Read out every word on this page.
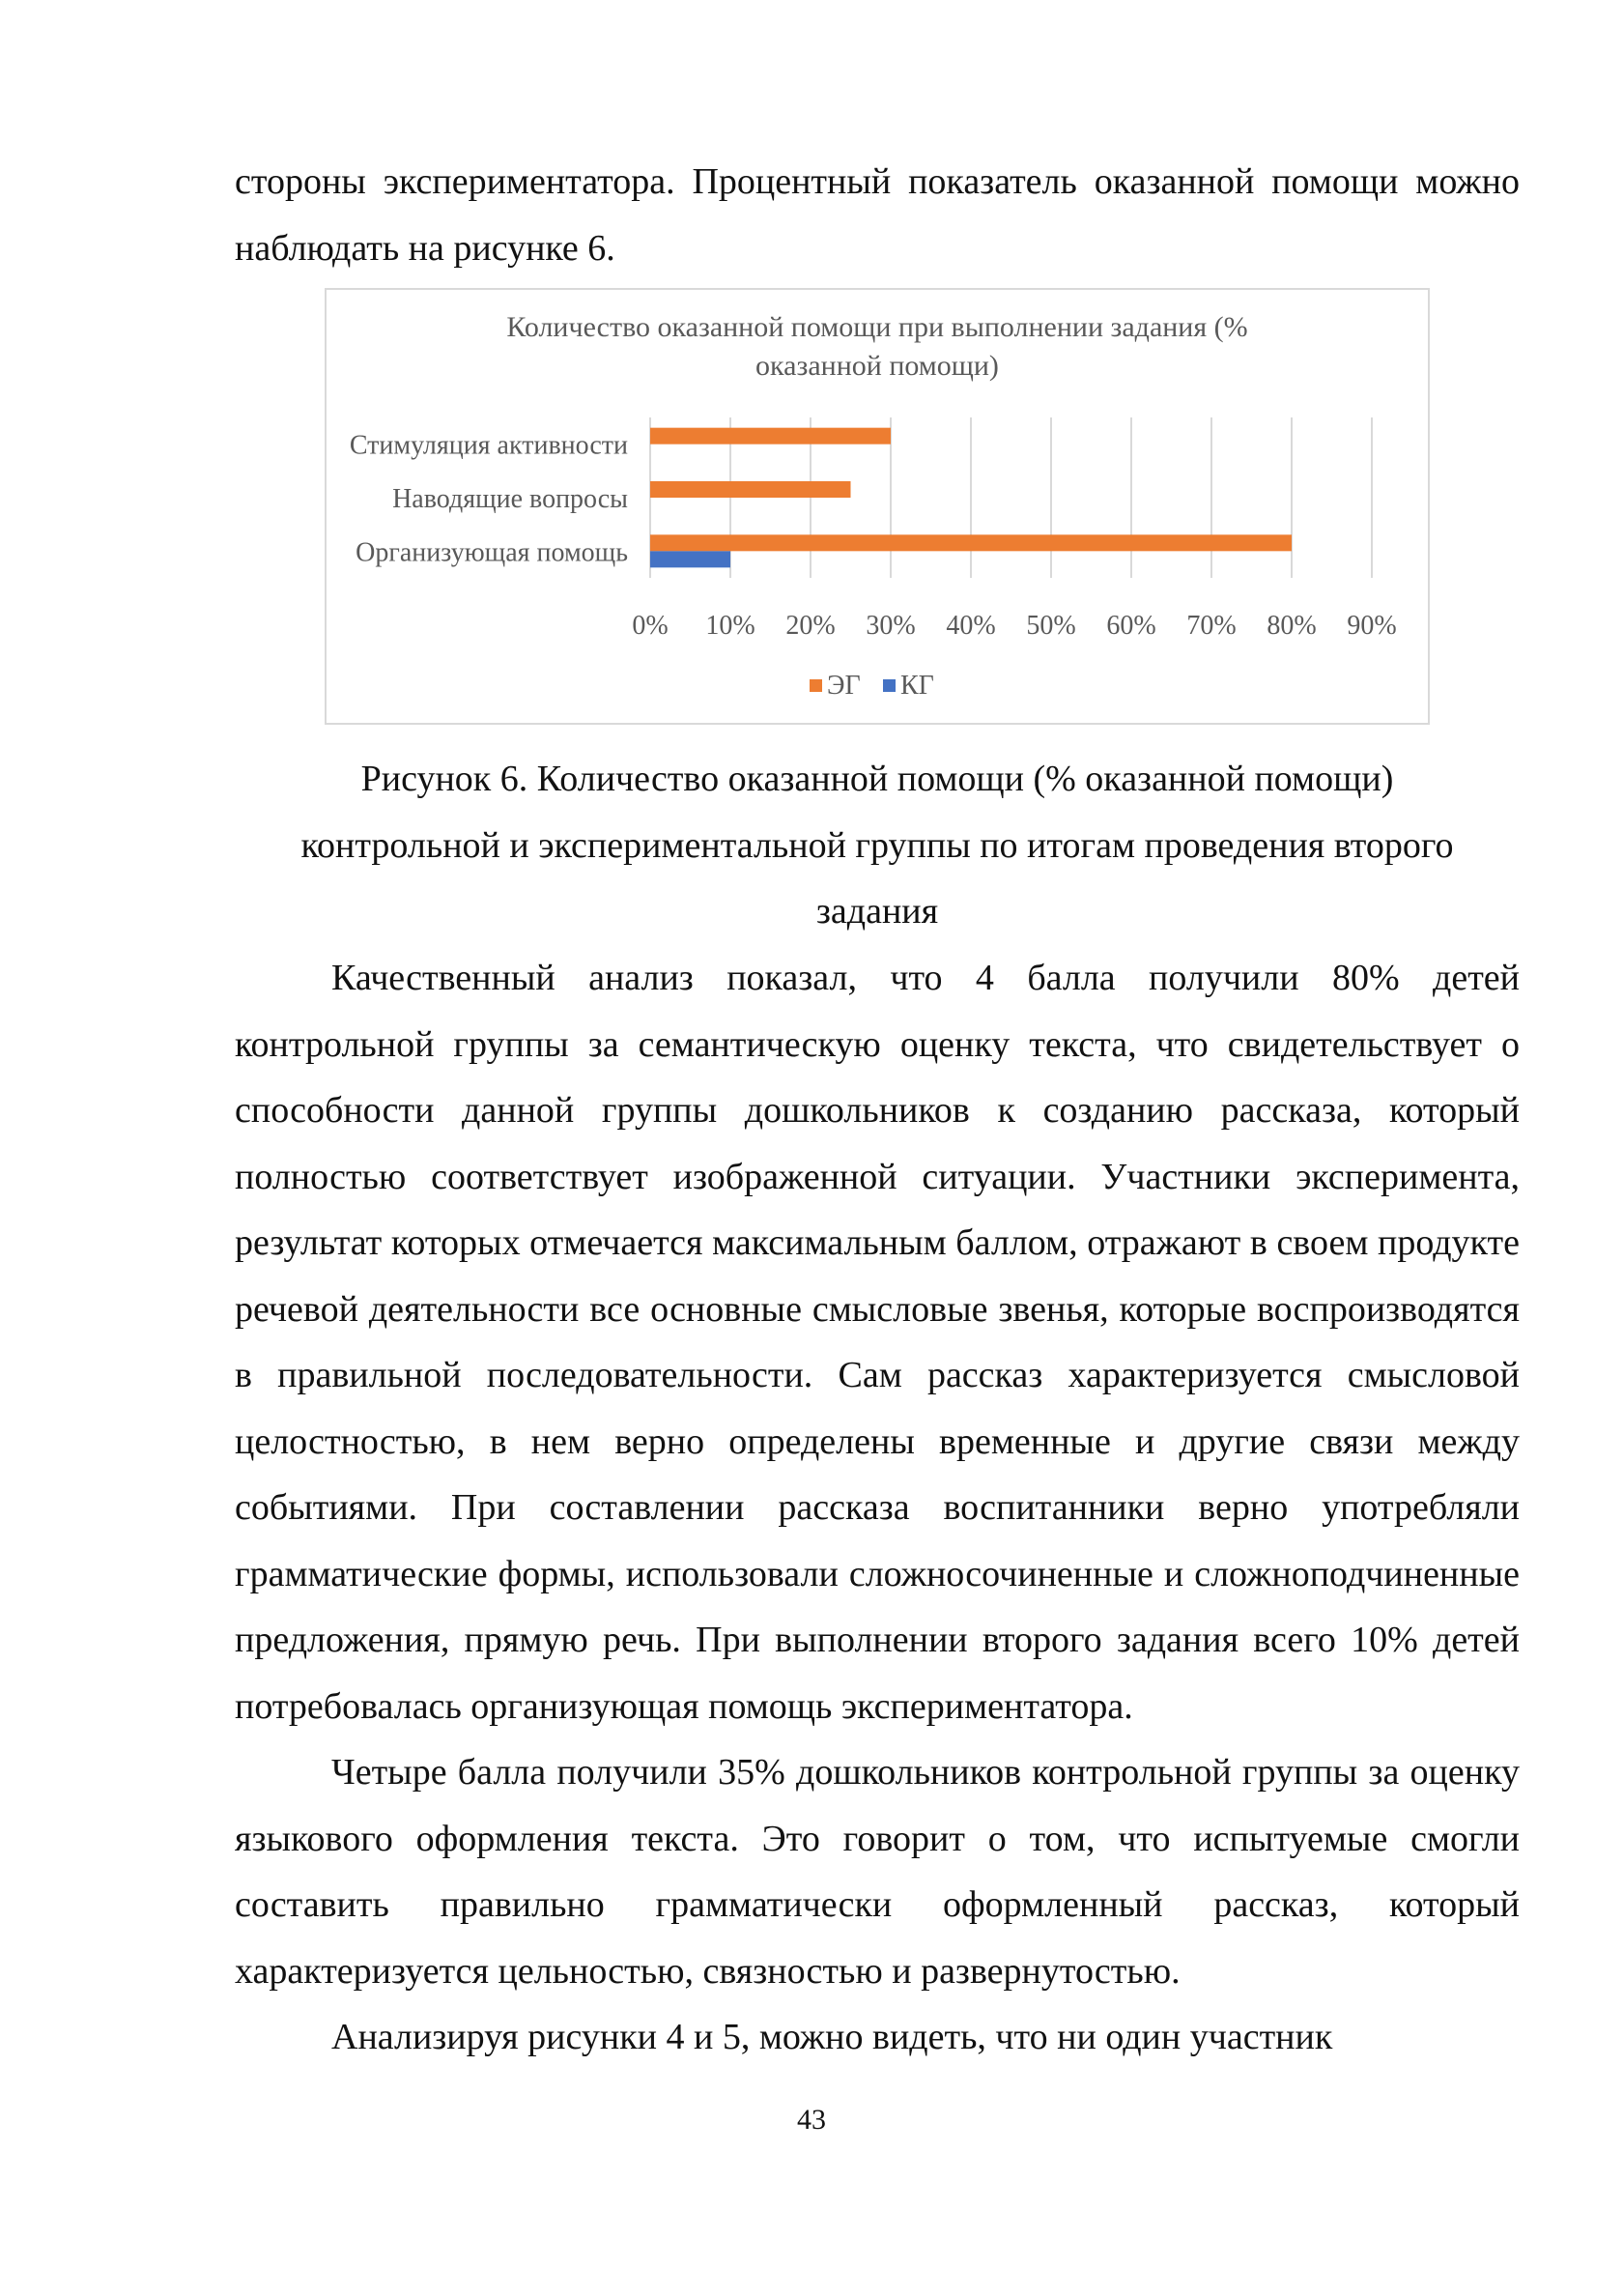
стороны экспериментатора. Процентный показатель оказанной помощи можно наблюдать на рисунке 6.

Количество оказанной помощи при выполнении задания (%
оказанной помощи)
Стимуляция активности
Наводящие вопросы
Организующая помощь
0% 10% 20% 30% 40% 50% 60% 70% 80% 90%
ЭГ КГ
Рисунок 6. Количество оказанной помощи (% оказанной помощи)
контрольной и экспериментальной группы по итогам проведения второго
задания

Качественный анализ показал, что 4 балла получили 80% детей контрольной группы за семантическую оценку текста, что свидетельствует о способности данной группы дошкольников к созданию рассказа, который полностью соответствует изображенной ситуации. Участники эксперимента, результат которых отмечается максимальным баллом, отражают в своем продукте речевой деятельности все основные смысловые звенья, которые воспроизводятся в правильной последовательности. Сам рассказ характеризуется смысловой целостностью, в нем верно определены временные и другие связи между событиями. При составлении рассказа воспитанники верно употребляли грамматические формы, использовали сложносочиненные и сложноподчиненные предложения, прямую речь. При выполнении второго задания всего 10% детей потребовалась организующая помощь экспериментатора.

Четыре балла получили 35% дошкольников контрольной группы за оценку языкового оформления текста. Это говорит о том, что испытуемые смогли составить правильно грамматически оформленный рассказ, который характеризуется цельностью, связностью и развернутостью.

Анализируя рисунки 4 и 5, можно видеть, что ни один участник

43
